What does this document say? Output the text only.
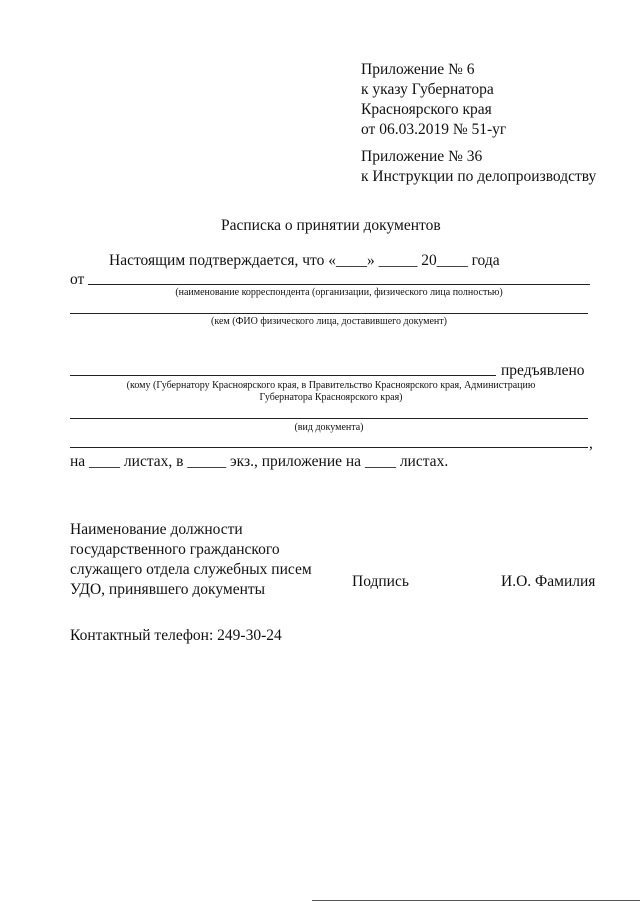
Приложение № 6
к указу Губернатора
Красноярского края
от 06.03.2019 № 51-уг
Приложение № 36
к Инструкции по делопроизводству
Расписка о принятии документов
Настоящим подтверждается, что «____» _____ 20____ года
от
(наименование корреспондента (организации, физического лица полностью)
(кем (ФИО физического лица, доставившего документ)
предъявлено
(кому (Губернатору Красноярского края, в Правительство Красноярского края, Администрацию
Губернатора Красноярского края)
(вид документа)
,
на ____ листах, в _____ экз., приложение на ____ листах.
Наименование должности
государственного гражданского
служащего отдела служебных писем
УДО, принявшего документы	Подпись	И.О. Фамилия
Контактный телефон: 249-30-24
